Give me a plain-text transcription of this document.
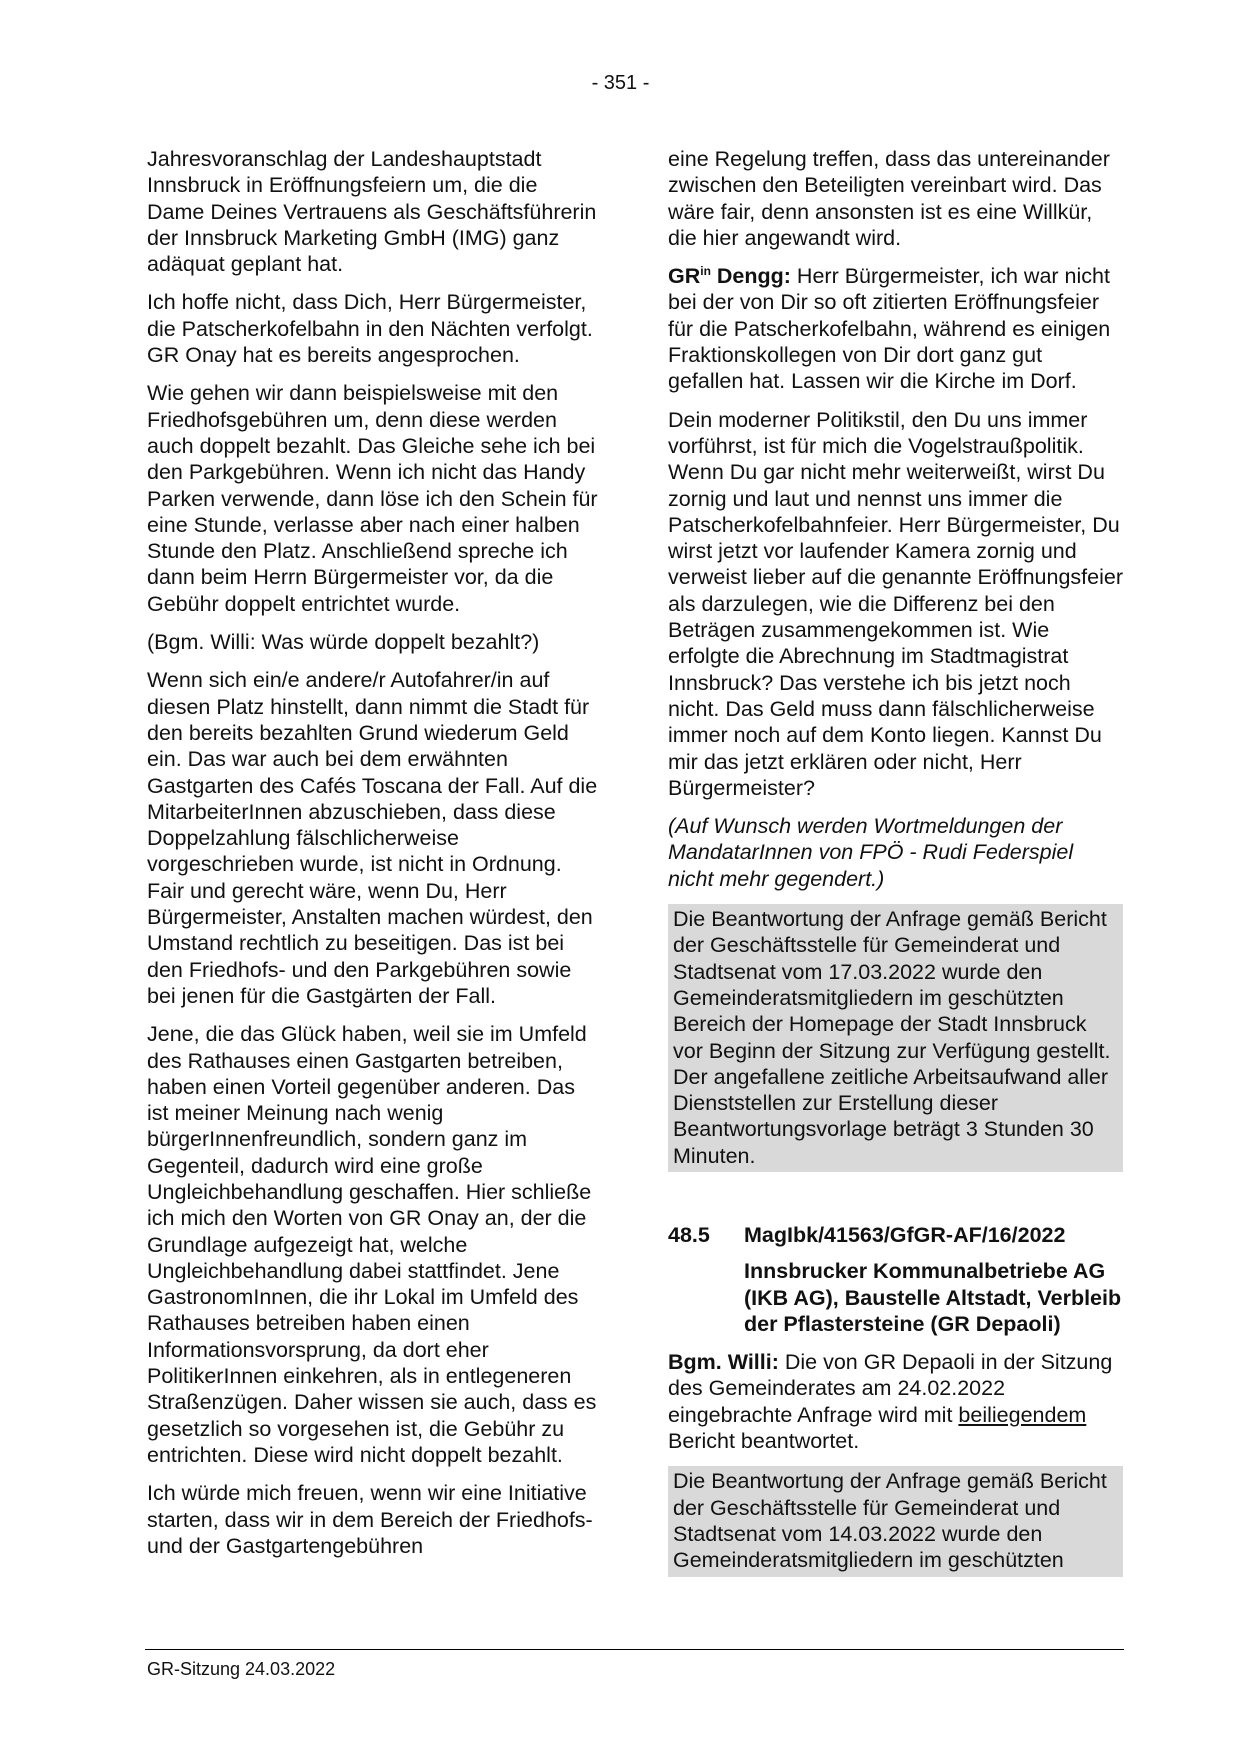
- 351 -

Jahresvoranschlag der Landeshauptstadt Innsbruck in Eröffnungsfeiern um, die die Dame Deines Vertrauens als Geschäftsführerin der Innsbruck Marketing GmbH (IMG) ganz adäquat geplant hat.

Ich hoffe nicht, dass Dich, Herr Bürgermeister, die Patscherkofelbahn in den Nächten verfolgt. GR Onay hat es bereits angesprochen.

Wie gehen wir dann beispielsweise mit den Friedhofsgebühren um, denn diese werden auch doppelt bezahlt. Das Gleiche sehe ich bei den Parkgebühren. Wenn ich nicht das Handy Parken verwende, dann löse ich den Schein für eine Stunde, verlasse aber nach einer halben Stunde den Platz. Anschließend spreche ich dann beim Herrn Bürgermeister vor, da die Gebühr doppelt entrichtet wurde.

(Bgm. Willi: Was würde doppelt bezahlt?)

Wenn sich ein/e andere/r Autofahrer/in auf diesen Platz hinstellt, dann nimmt die Stadt für den bereits bezahlten Grund wiederum Geld ein. Das war auch bei dem erwähnten Gastgarten des Cafés Toscana der Fall. Auf die MitarbeiterInnen abzuschieben, dass diese Doppelzahlung fälschlicherweise vorgeschrieben wurde, ist nicht in Ordnung. Fair und gerecht wäre, wenn Du, Herr Bürgermeister, Anstalten machen würdest, den Umstand rechtlich zu beseitigen. Das ist bei den Friedhofs- und den Parkgebühren sowie bei jenen für die Gastgärten der Fall.

Jene, die das Glück haben, weil sie im Umfeld des Rathauses einen Gastgarten betreiben, haben einen Vorteil gegenüber anderen. Das ist meiner Meinung nach wenig bürgerInnenfreundlich, sondern ganz im Gegenteil, dadurch wird eine große Ungleichbehandlung geschaffen. Hier schließe ich mich den Worten von GR Onay an, der die Grundlage aufgezeigt hat, welche Ungleichbehandlung dabei stattfindet. Jene GastronomInnen, die ihr Lokal im Umfeld des Rathauses betreiben haben einen Informationsvorsprung, da dort eher PolitikerInnen einkehren, als in entlegeneren Straßenzügen. Daher wissen sie auch, dass es gesetzlich so vorgesehen ist, die Gebühr zu entrichten. Diese wird nicht doppelt bezahlt.

Ich würde mich freuen, wenn wir eine Initiative starten, dass wir in dem Bereich der Friedhofs- und der Gastgartengebühren

eine Regelung treffen, dass das untereinander zwischen den Beteiligten vereinbart wird. Das wäre fair, denn ansonsten ist es eine Willkür, die hier angewandt wird.

$GR^{in}$ Dengg: Herr Bürgermeister, ich war nicht bei der von Dir so oft zitierten Eröffnungsfeier für die Patscherkofelbahn, während es einigen Fraktionskollegen von Dir dort ganz gut gefallen hat. Lassen wir die Kirche im Dorf.

Dein moderner Politikstil, den Du uns immer vorführst, ist für mich die Vogelstraußpolitik. Wenn Du gar nicht mehr weiterweißt, wirst Du zornig und laut und nennst uns immer die Patscherkofelbahnfeier. Herr Bürgermeister, Du wirst jetzt vor laufender Kamera zornig und verweist lieber auf die genannte Eröffnungsfeier als darzulegen, wie die Differenz bei den Beträgen zusammengekommen ist. Wie erfolgte die Abrechnung im Stadtmagistrat Innsbruck? Das verstehe ich bis jetzt noch nicht. Das Geld muss dann fälschlicherweise immer noch auf dem Konto liegen. Kannst Du mir das jetzt erklären oder nicht, Herr Bürgermeister?

(Auf Wunsch werden Wortmeldungen der MandatarInnen von FPÖ - Rudi Federspiel nicht mehr gegendert.)

Die Beantwortung der Anfrage gemäß Bericht der Geschäftsstelle für Gemeinderat und Stadtsenat vom 17.03.2022 wurde den Gemeinderatsmitgliedern im geschützten Bereich der Homepage der Stadt Innsbruck vor Beginn der Sitzung zur Verfügung gestellt. Der angefallene zeitliche Arbeitsaufwand aller Dienststellen zur Erstellung dieser Beantwortungsvorlage beträgt 3 Stunden 30 Minuten.

48.5	MagIbk/41563/GfGR-AF/16/2022
Innsbrucker Kommunalbetriebe AG (IKB AG), Baustelle Altstadt, Verbleib der Pflastersteine (GR Depaoli)

Bgm. Willi: Die von GR Depaoli in der Sitzung des Gemeinderates am 24.02.2022 eingebrachte Anfrage wird mit beiliegendem Bericht beantwortet.

Die Beantwortung der Anfrage gemäß Bericht der Geschäftsstelle für Gemeinderat und Stadtsenat vom 14.03.2022 wurde den Gemeinderatsmitgliedern im geschützten

GR-Sitzung 24.03.2022
